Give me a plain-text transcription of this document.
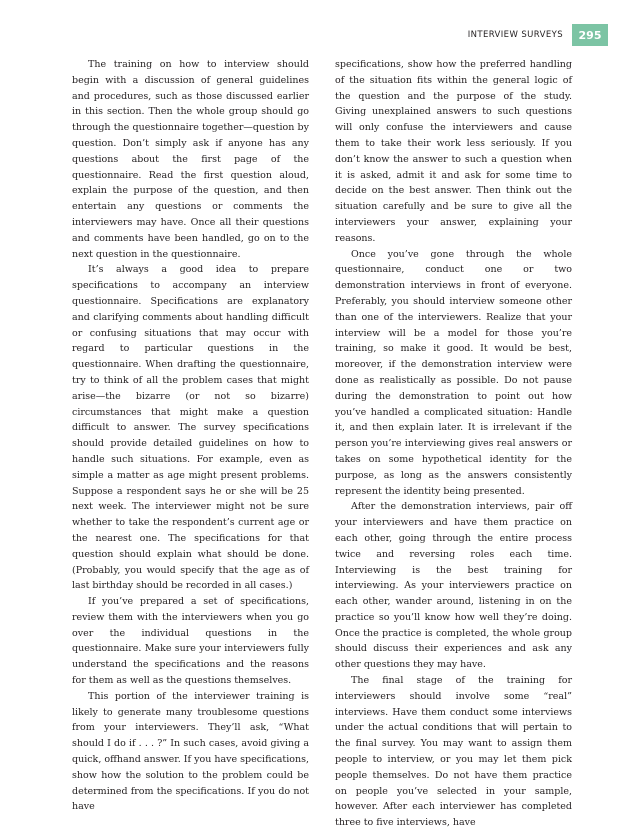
INTERVIEW SURVEYS	295

The training on how to interview should begin with a discussion of general guidelines and procedures, such as those discussed earlier in this section. Then the whole group should go through the questionnaire together—question by question. Don’t simply ask if anyone has any questions about the first page of the questionnaire. Read the first question aloud, explain the purpose of the question, and then entertain any questions or comments the interviewers may have. Once all their questions and comments have been handled, go on to the next question in the questionnaire.

It’s always a good idea to prepare specifications to accompany an interview questionnaire. Specifications are explanatory and clarifying comments about handling difficult or confusing situations that may occur with regard to particular questions in the questionnaire. When drafting the questionnaire, try to think of all the problem cases that might arise—the bizarre (or not so bizarre) circumstances that might make a question difficult to answer. The survey specifications should provide detailed guidelines on how to handle such situations. For example, even as simple a matter as age might present problems. Suppose a respondent says he or she will be 25 next week. The interviewer might not be sure whether to take the respondent’s current age or the nearest one. The specifications for that question should explain what should be done. (Probably, you would specify that the age as of last birthday should be recorded in all cases.)

If you’ve prepared a set of specifications, review them with the interviewers when you go over the individual questions in the questionnaire. Make sure your interviewers fully understand the specifications and the reasons for them as well as the questions themselves.

This portion of the interviewer training is likely to generate many troublesome questions from your interviewers. They’ll ask, “What should I do if . . . ?” In such cases, avoid giving a quick, offhand answer. If you have specifications, show how the solution to the problem could be determined from the specifications. If you do not have

specifications, show how the preferred handling of the situation fits within the general logic of the question and the purpose of the study. Giving unexplained answers to such questions will only confuse the interviewers and cause them to take their work less seriously. If you don’t know the answer to such a question when it is asked, admit it and ask for some time to decide on the best answer. Then think out the situation carefully and be sure to give all the interviewers your answer, explaining your reasons.

Once you’ve gone through the whole questionnaire, conduct one or two demonstration interviews in front of everyone. Preferably, you should interview someone other than one of the interviewers. Realize that your interview will be a model for those you’re training, so make it good. It would be best, moreover, if the demonstration interview were done as realistically as possible. Do not pause during the demonstration to point out how you’ve handled a complicated situation: Handle it, and then explain later. It is irrelevant if the person you’re interviewing gives real answers or takes on some hypothetical identity for the purpose, as long as the answers consistently represent the identity being presented.

After the demonstration interviews, pair off your interviewers and have them practice on each other, going through the entire process twice and reversing roles each time. Interviewing is the best training for interviewing. As your interviewers practice on each other, wander around, listening in on the practice so you’ll know how well they’re doing. Once the practice is completed, the whole group should discuss their experiences and ask any other questions they may have.

The final stage of the training for interviewers should involve some “real” interviews. Have them conduct some interviews under the actual conditions that will pertain to the final survey. You may want to assign them people to interview, or you may let them pick people themselves. Do not have them practice on people you’ve selected in your sample, however. After each interviewer has completed three to five interviews, have
